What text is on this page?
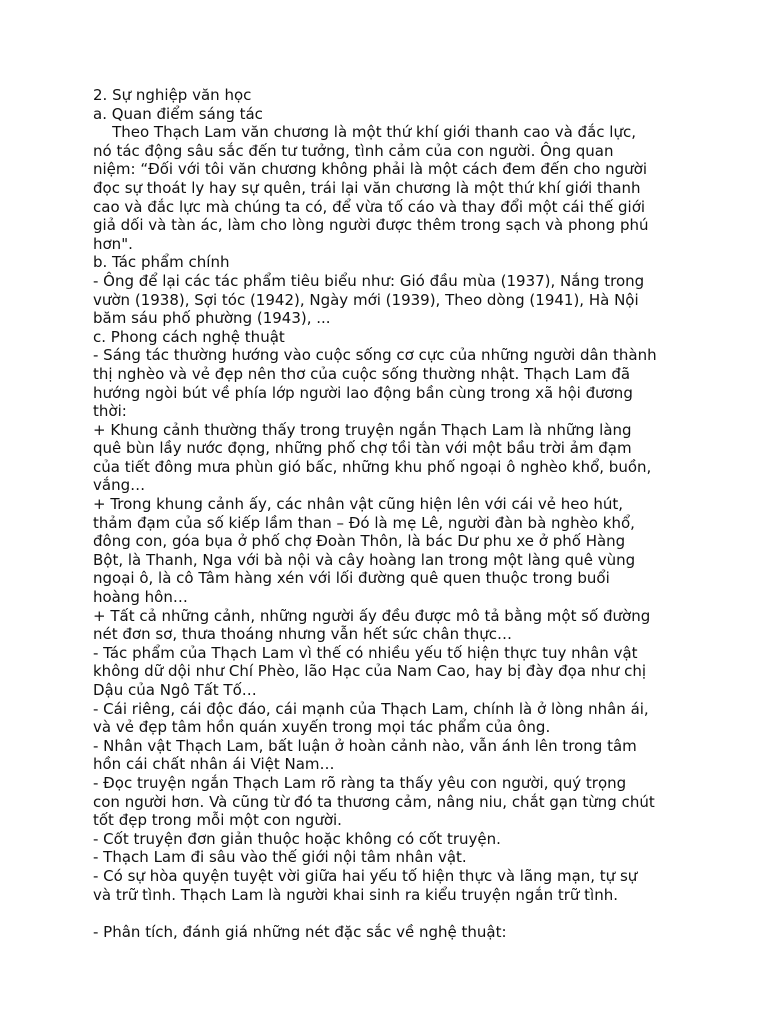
2. Sự nghiệp văn học
a. Quan điểm sáng tác
Theo Thạch Lam văn chương là một thứ khí giới thanh cao và đắc lực,
nó tác động sâu sắc đến tư tưởng, tình cảm của con người. Ông quan
niệm: “Đối với tôi văn chương không phải là một cách đem đến cho người
đọc sự thoát ly hay sự quên, trái lại văn chương là một thứ khí giới thanh
cao và đắc lực mà chúng ta có, để vừa tố cáo và thay đổi một cái thế giới
giả dối và tàn ác, làm cho lòng người được thêm trong sạch và phong phú
hơn".
b. Tác phẩm chính
- Ông để lại các tác phẩm tiêu biểu như: Gió đầu mùa (1937), Nắng trong
vườn (1938), Sợi tóc (1942), Ngày mới (1939), Theo dòng (1941), Hà Nội
băm sáu phố phường (1943), ...
c. Phong cách nghệ thuật
- Sáng tác thường hướng vào cuộc sống cơ cực của những người dân thành
thị nghèo và vẻ đẹp nên thơ của cuộc sống thường nhật. Thạch Lam đã
hướng ngòi bút về phía lớp người lao động bần cùng trong xã hội đương
thời:
+ Khung cảnh thường thấy trong truyện ngắn Thạch Lam là những làng
quê bùn lầy nước đọng, những phố chợ tồi tàn với một bầu trời ảm đạm
của tiết đông mưa phùn gió bấc, những khu phố ngoại ô nghèo khổ, buồn,
vắng…
+ Trong khung cảnh ấy, các nhân vật cũng hiện lên với cái vẻ heo hút,
thảm đạm của số kiếp lầm than – Đó là mẹ Lê, người đàn bà nghèo khổ,
đông con, góa bụa ở phố chợ Đoàn Thôn, là bác Dư phu xe ở phố Hàng
Bột, là Thanh, Nga với bà nội và cây hoàng lan trong một làng quê vùng
ngoại ô, là cô Tâm hàng xén với lối đường quê quen thuộc trong buổi
hoàng hôn…
+ Tất cả những cảnh, những người ấy đều được mô tả bằng một số đường
nét đơn sơ, thưa thoáng nhưng vẫn hết sức chân thực…
- Tác phẩm của Thạch Lam vì thế có nhiều yếu tố hiện thực tuy nhân vật
không dữ dội như Chí Phèo, lão Hạc của Nam Cao, hay bị đày đọa như chị
Dậu của Ngô Tất Tố…
- Cái riêng, cái độc đáo, cái mạnh của Thạch Lam, chính là ở lòng nhân ái,
và vẻ đẹp tâm hồn quán xuyến trong mọi tác phẩm của ông.
- Nhân vật Thạch Lam, bất luận ở hoàn cảnh nào, vẫn ánh lên trong tâm
hồn cái chất nhân ái Việt Nam…
- Đọc truyện ngắn Thạch Lam rõ ràng ta thấy yêu con người, quý trọng
con người hơn. Và cũng từ đó ta thương cảm, nâng niu, chắt gạn từng chút
tốt đẹp trong mỗi một con người.
- Cốt truyện đơn giản thuộc hoặc không có cốt truyện.
- Thạch Lam đi sâu vào thế giới nội tâm nhân vật.
- Có sự hòa quyện tuyệt vời giữa hai yếu tố hiện thực và lãng mạn, tự sự
và trữ tình. Thạch Lam là người khai sinh ra kiểu truyện ngắn trữ tình.
- Phân tích, đánh giá những nét đặc sắc về nghệ thuật:
